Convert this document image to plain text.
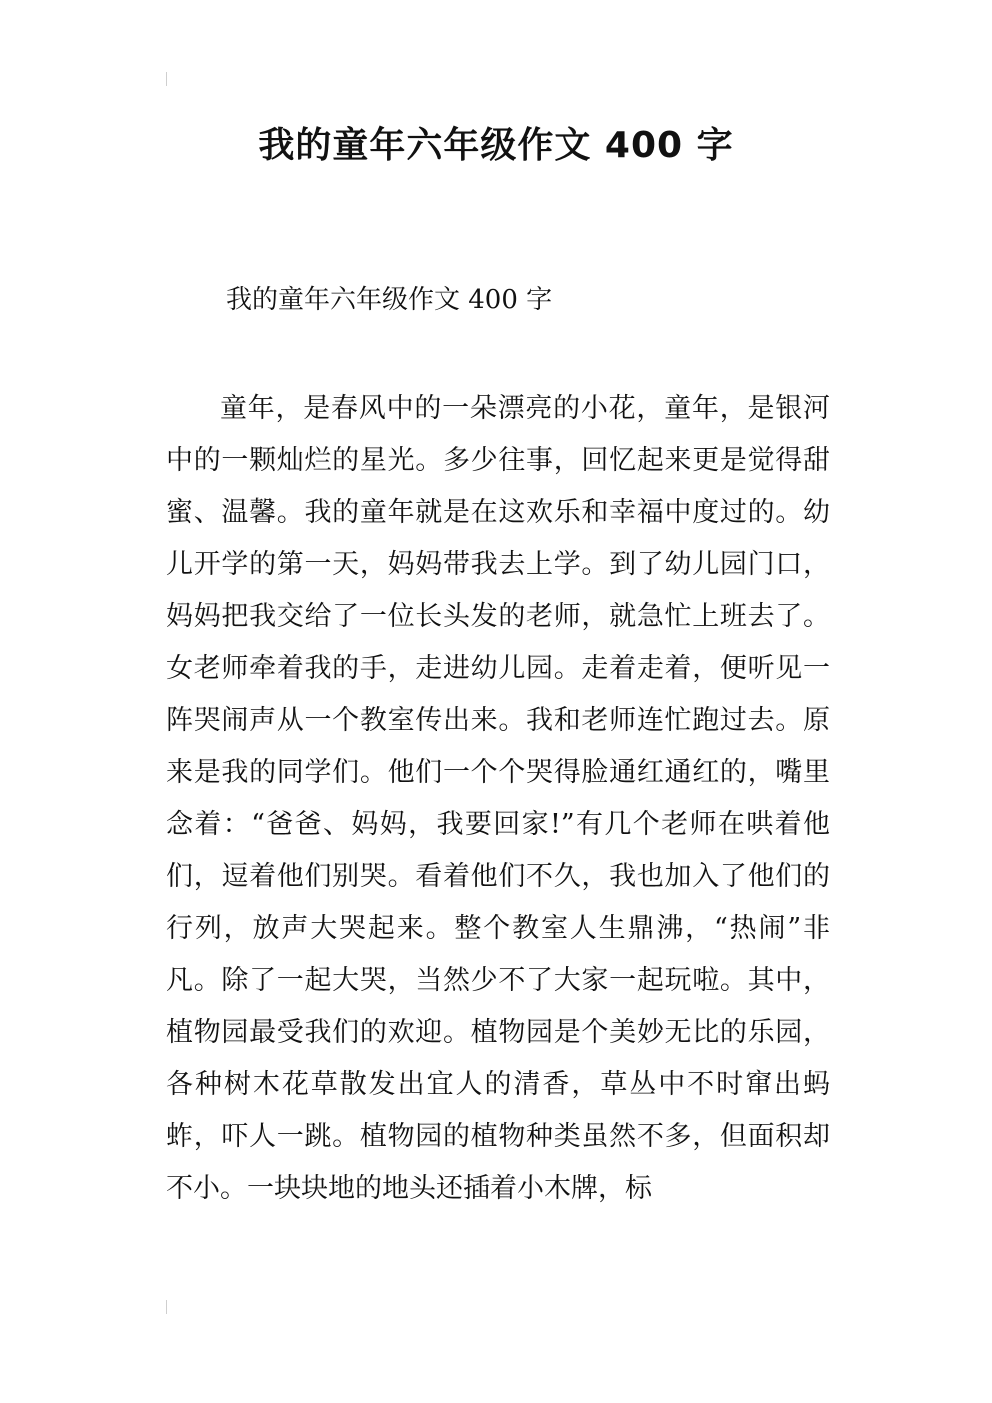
我的童年六年级作文 400 字

我的童年六年级作文 400 字

童年，是春风中的一朵漂亮的小花，童年，是银河中的一颗灿烂的星光。多少往事，回忆起来更是觉得甜蜜、温馨。我的童年就是在这欢乐和幸福中度过的。幼儿开学的第一天，妈妈带我去上学。到了幼儿园门口，妈妈把我交给了一位长头发的老师，就急忙上班去了。女老师牵着我的手，走进幼儿园。走着走着，便听见一阵哭闹声从一个教室传出来。我和老师连忙跑过去。原来是我的同学们。他们一个个哭得脸通红通红的，嘴里念着：“爸爸、妈妈，我要回家!”有几个老师在哄着他们，逗着他们别哭。看着他们不久，我也加入了他们的行列，放声大哭起来。整个教室人生鼎沸，“热闹”非凡。除了一起大哭，当然少不了大家一起玩啦。其中，植物园最受我们的欢迎。植物园是个美妙无比的乐园，各种树木花草散发出宜人的清香，草丛中不时窜出蚂蚱，吓人一跳。植物园的植物种类虽然不多，但面积却不小。一块块地的地头还插着小木牌，标
